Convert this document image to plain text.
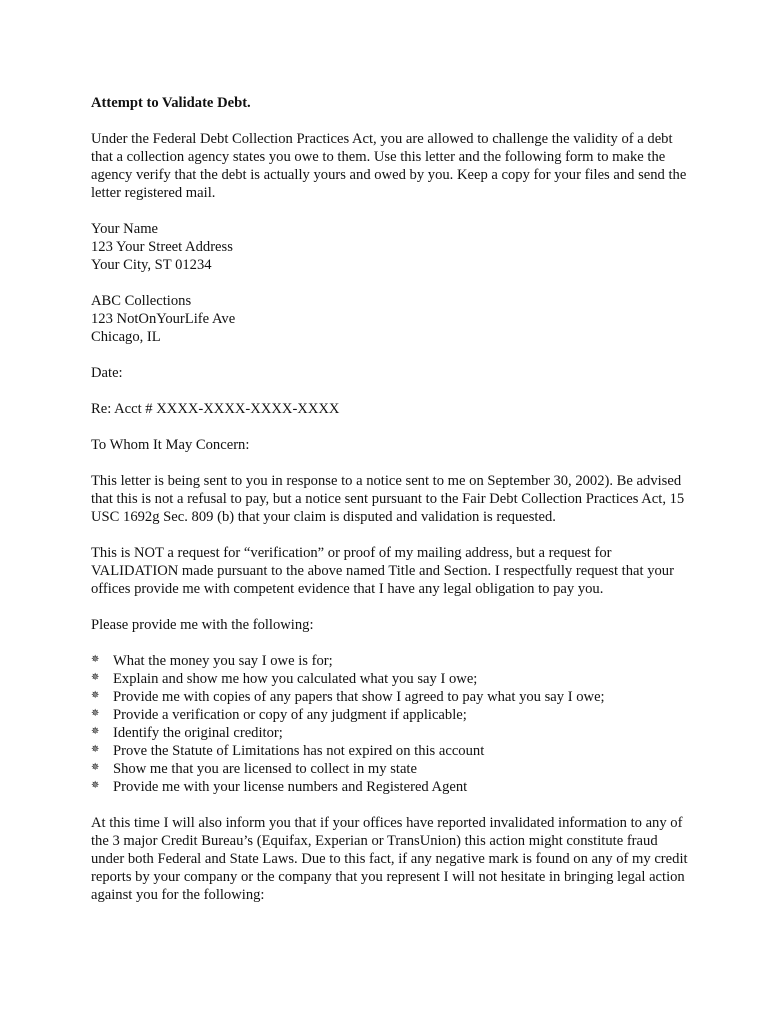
Attempt to Validate Debt.

Under the Federal Debt Collection Practices Act, you are allowed to challenge the validity of a debt that a collection agency states you owe to them. Use this letter and the following form to make the agency verify that the debt is actually yours and owed by you. Keep a copy for your files and send the letter registered mail.

Your Name
123 Your Street Address
Your City, ST 01234
ABC Collections
123 NotOnYourLife Ave
Chicago, IL

Date:

Re: Acct # XXXX-XXXX-XXXX-XXXX

To Whom It May Concern:

This letter is being sent to you in response to a notice sent to me on September 30, 2002). Be advised that this is not a refusal to pay, but a notice sent pursuant to the Fair Debt Collection Practices Act, 15 USC 1692g Sec. 809 (b) that your claim is disputed and validation is requested.

This is NOT a request for “verification” or proof of my mailing address, but a request for VALIDATION made pursuant to the above named Title and Section. I respectfully request that your offices provide me with competent evidence that I have any legal obligation to pay you.

Please provide me with the following:

✵ What the money you say I owe is for;
✵ Explain and show me how you calculated what you say I owe;
✵ Provide me with copies of any papers that show I agreed to pay what you say I owe;
✵ Provide a verification or copy of any judgment if applicable;
✵ Identify the original creditor;
✵ Prove the Statute of Limitations has not expired on this account
✵ Show me that you are licensed to collect in my state
✵ Provide me with your license numbers and Registered Agent

At this time I will also inform you that if your offices have reported invalidated information to any of the 3 major Credit Bureau’s (Equifax, Experian or TransUnion) this action might constitute fraud under both Federal and State Laws. Due to this fact, if any negative mark is found on any of my credit reports by your company or the company that you represent I will not hesitate in bringing legal action against you for the following:
